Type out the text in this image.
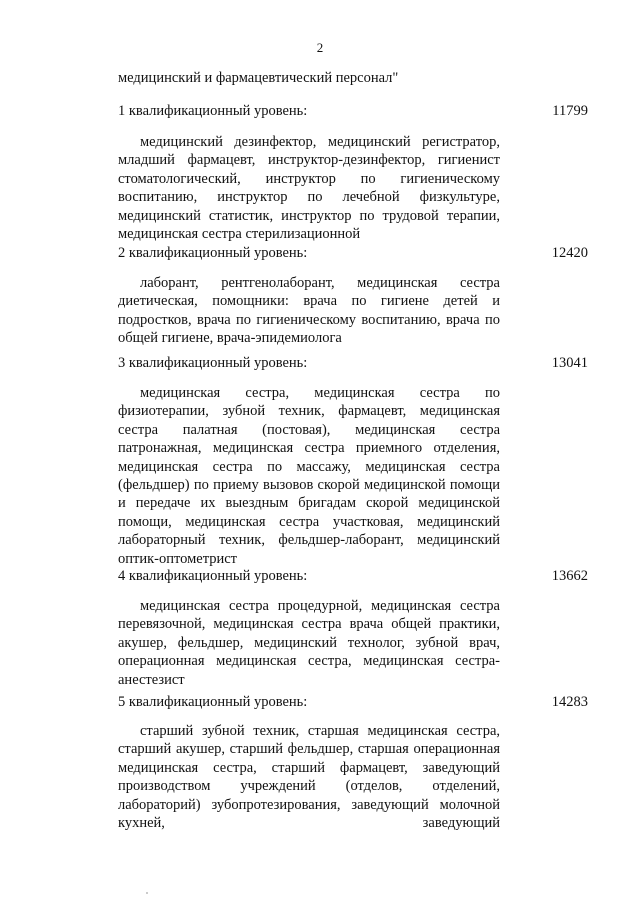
2
медицинский и фармацевтический персонал"
1 квалификационный уровень:	11799

медицинский дезинфектор, медицинский регистратор, младший фармацевт, инструктор-дезинфектор, гигиенист стоматологический, инструктор по гигиеническому воспитанию, инструктор по лечебной физкультуре, медицинский статистик, инструктор по трудовой терапии, медицинская сестра стерилизационной

2 квалификационный уровень:	12420

лаборант, рентгенолаборант, медицинская сестра диетическая, помощники: врача по гигиене детей и подростков, врача по гигиеническому воспитанию, врача по общей гигиене, врача-эпидемиолога

3 квалификационный уровень:	13041

медицинская сестра, медицинская сестра по физиотерапии, зубной техник, фармацевт, медицинская сестра палатная (постовая), медицинская сестра патронажная, медицинская сестра приемного отделения, медицинская сестра по массажу, медицинская сестра (фельдшер) по приему вызовов скорой медицинской помощи и передаче их выездным бригадам скорой медицинской помощи, медицинская сестра участковая, медицинский лабораторный техник, фельдшер-лаборант, медицинский оптик-оптометрист

4 квалификационный уровень:	13662

медицинская сестра процедурной, медицинская сестра перевязочной, медицинская сестра врача общей практики, акушер, фельдшер, медицинский технолог, зубной врач, операционная медицинская сестра, медицинская сестра-анестезист

5 квалификационный уровень:	14283

старший зубной техник, старшая медицинская сестра, старший акушер, старший фельдшер, старшая операционная медицинская сестра, старший фармацевт, заведующий производством учреждений (отделов, отделений, лабораторий) зубопротезирования, заведующий молочной кухней, заведующий
